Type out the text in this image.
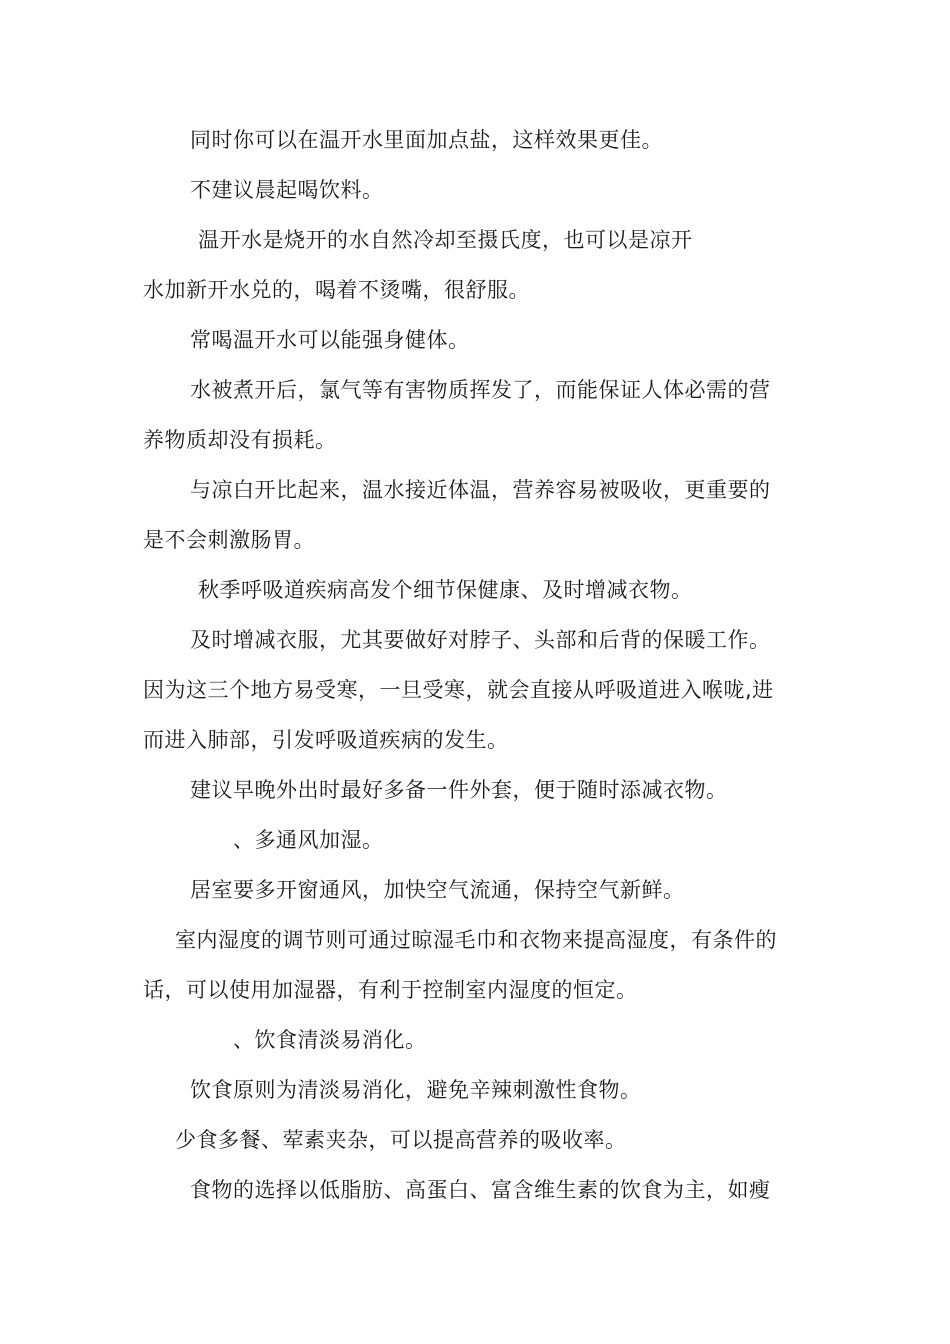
同时你可以在温开水里面加点盐，这样效果更佳。
不建议晨起喝饮料。
温开水是烧开的水自然冷却至摄氏度，也可以是凉开
水加新开水兑的，喝着不烫嘴，很舒服。
常喝温开水可以能强身健体。
水被煮开后，氯气等有害物质挥发了，而能保证人体必需的营
养物质却没有损耗。
与凉白开比起来，温水接近体温，营养容易被吸收，更重要的
是不会刺激肠胃。
秋季呼吸道疾病高发个细节保健康、及时增减衣物。
及时增减衣服，尤其要做好对脖子、头部和后背的保暖工作。
因为这三个地方易受寒，一旦受寒，就会直接从呼吸道进入喉咙,进
而进入肺部，引发呼吸道疾病的发生。
建议早晚外出时最好多备一件外套，便于随时添减衣物。
、多通风加湿。
居室要多开窗通风，加快空气流通，保持空气新鲜。
室内湿度的调节则可通过晾湿毛巾和衣物来提高湿度，有条件的
话，可以使用加湿器，有利于控制室内湿度的恒定。
、饮食清淡易消化。
饮食原则为清淡易消化，避免辛辣刺激性食物。
少食多餐、荤素夹杂，可以提高营养的吸收率。
食物的选择以低脂肪、高蛋白、富含维生素的饮食为主，如瘦
